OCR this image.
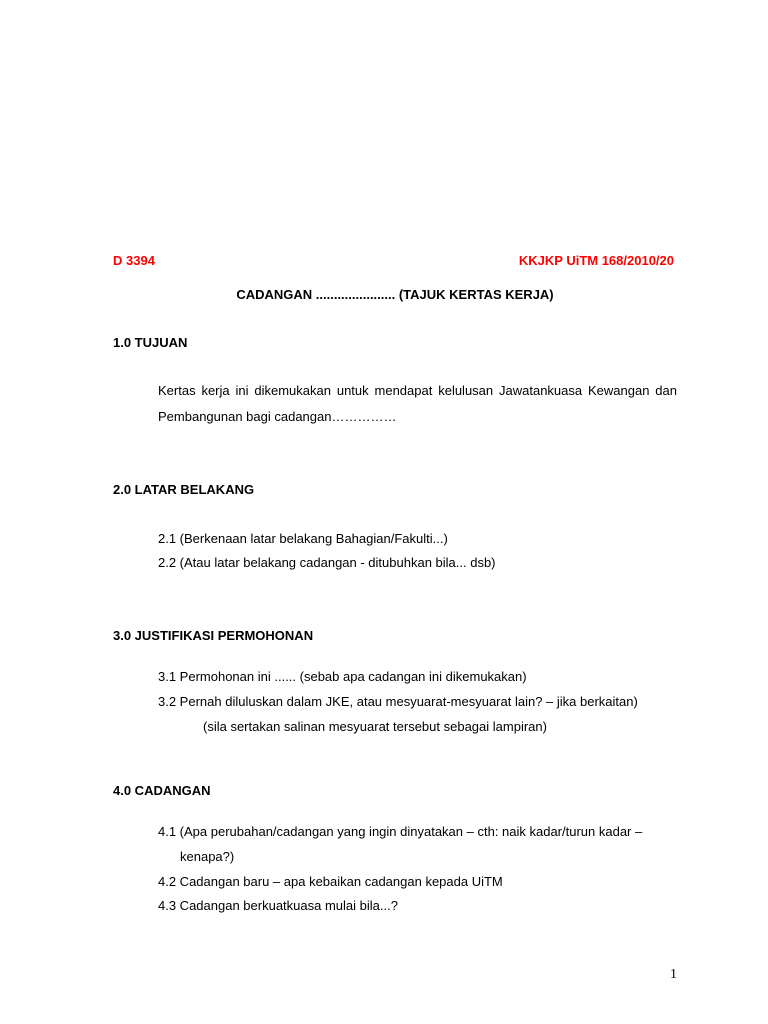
D 3394	KKJKP UiTM 168/2010/20
CADANGAN ...................... (TAJUK KERTAS KERJA)
1.0 TUJUAN
Kertas kerja ini dikemukakan untuk mendapat kelulusan Jawatankuasa Kewangan dan Pembangunan bagi cadangan……………
2.0 LATAR BELAKANG
2.1 (Berkenaan latar belakang Bahagian/Fakulti...)
2.2 (Atau latar belakang cadangan - ditubuhkan bila... dsb)
3.0 JUSTIFIKASI PERMOHONAN
3.1 Permohonan ini ...... (sebab apa cadangan ini dikemukakan)
3.2 Pernah diluluskan dalam JKE, atau mesyuarat-mesyuarat lain? – jika berkaitan)
(sila sertakan salinan mesyuarat tersebut sebagai lampiran)
4.0 CADANGAN
4.1 (Apa perubahan/cadangan yang ingin dinyatakan – cth: naik kadar/turun kadar –
kenapa?)
4.2 Cadangan baru – apa kebaikan cadangan kepada UiTM
4.3 Cadangan berkuatkuasa mulai bila...?
1
